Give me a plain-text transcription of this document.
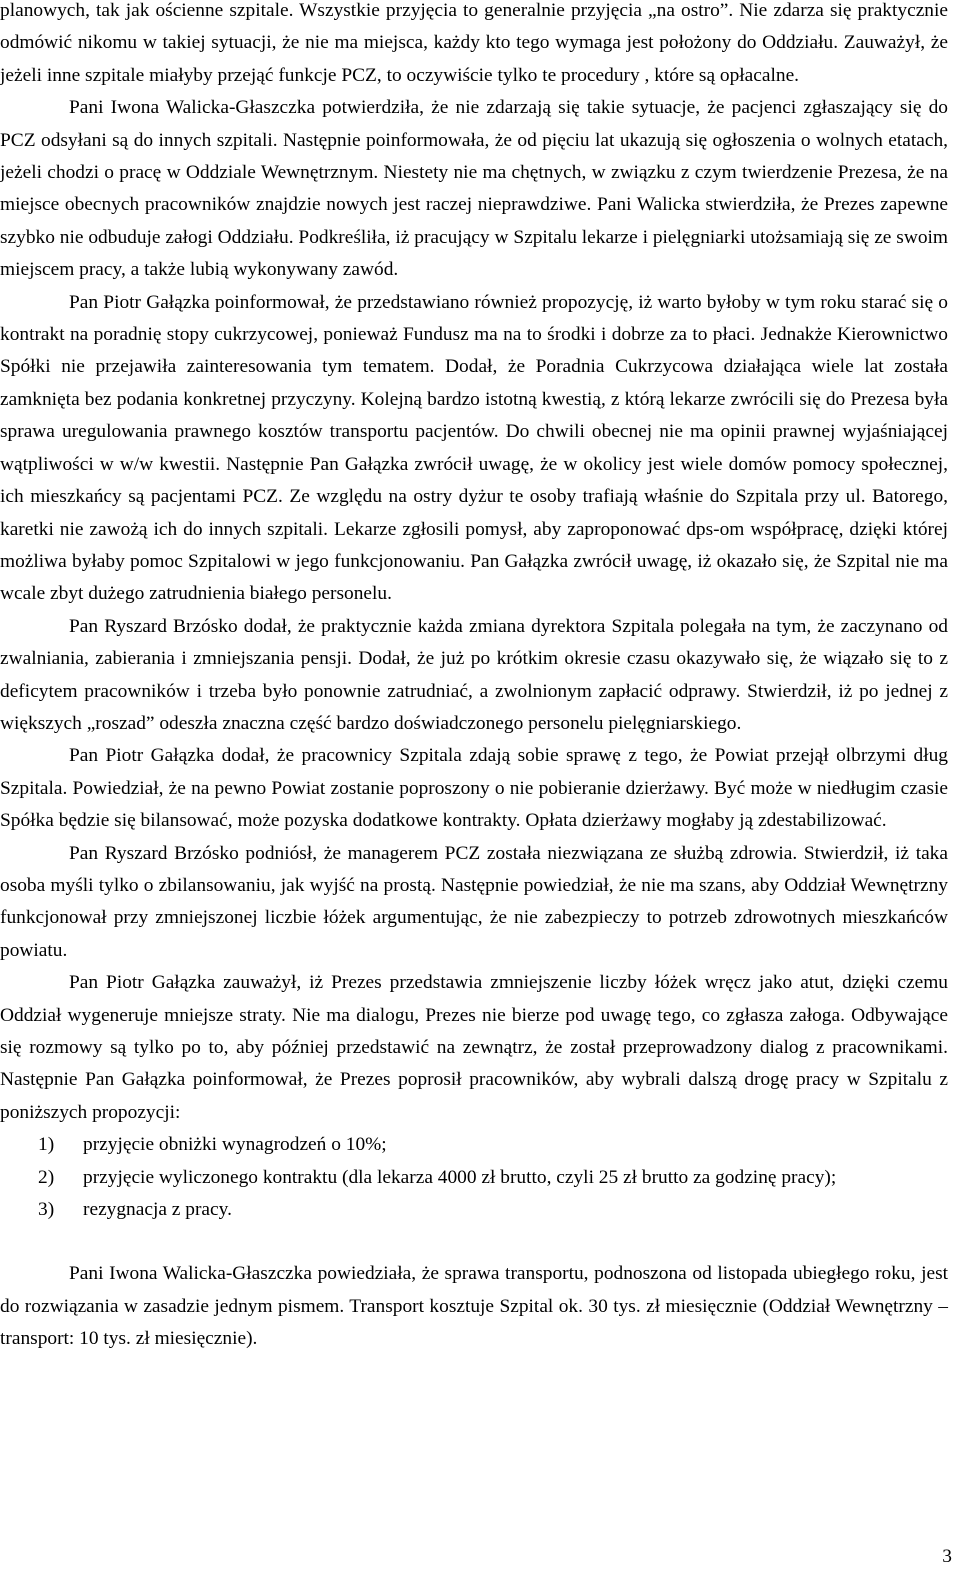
planowych, tak jak ościenne szpitale. Wszystkie przyjęcia to generalnie przyjęcia „na ostro”. Nie zdarza się praktycznie odmówić nikomu w takiej sytuacji, że nie ma miejsca, każdy kto tego wymaga jest położony do Oddziału. Zauważył, że jeżeli inne szpitale miałyby przejąć funkcje PCZ, to oczywiście tylko te procedury , które są opłacalne.

Pani Iwona Walicka-Głaszczka potwierdziła, że nie zdarzają się takie sytuacje, że pacjenci zgłaszający się do PCZ odsyłani są do innych szpitali. Następnie poinformowała, że od pięciu lat ukazują się ogłoszenia o wolnych etatach, jeżeli chodzi o pracę w Oddziale Wewnętrznym. Niestety nie ma chętnych, w związku z czym twierdzenie Prezesa, że na miejsce obecnych pracowników znajdzie nowych jest raczej nieprawdziwe. Pani Walicka stwierdziła, że Prezes zapewne szybko nie odbuduje załogi Oddziału. Podkreśliła, iż pracujący w Szpitalu lekarze i pielęgniarki utożsamiają się ze swoim miejscem pracy, a także lubią wykonywany zawód.

Pan Piotr Gałązka poinformował, że przedstawiano również propozycję, iż warto byłoby w tym roku starać się o kontrakt na poradnię stopy cukrzycowej, ponieważ Fundusz ma na to środki i dobrze za to płaci. Jednakże Kierownictwo Spółki nie przejawiła zainteresowania tym tematem. Dodał, że Poradnia Cukrzycowa działająca wiele lat została zamknięta bez podania konkretnej przyczyny. Kolejną bardzo istotną kwestią, z którą lekarze zwrócili się do Prezesa była sprawa uregulowania prawnego kosztów transportu pacjentów. Do chwili obecnej nie ma opinii prawnej wyjaśniającej wątpliwości w w/w kwestii. Następnie Pan Gałązka zwrócił uwagę, że w okolicy jest wiele domów pomocy społecznej, ich mieszkańcy są pacjentami PCZ. Ze względu na ostry dyżur te osoby trafiają właśnie do Szpitala przy ul. Batorego, karetki nie zawożą ich do innych szpitali. Lekarze zgłosili pomysł, aby zaproponować dps-om współpracę, dzięki której możliwa byłaby pomoc Szpitalowi w jego funkcjonowaniu. Pan Gałązka zwrócił uwagę, iż okazało się, że Szpital nie ma wcale zbyt dużego zatrudnienia białego personelu.

Pan Ryszard Brzósko dodał, że praktycznie każda zmiana dyrektora Szpitala polegała na tym, że zaczynano od zwalniania, zabierania i zmniejszania pensji. Dodał, że już po krótkim okresie czasu okazywało się, że wiązało się to z deficytem pracowników i trzeba było ponownie zatrudniać, a zwolnionym zapłacić odprawy. Stwierdził, iż po jednej z większych „roszad” odeszła znaczna część bardzo doświadczonego personelu pielęgniarskiego.

Pan Piotr Gałązka dodał, że pracownicy Szpitala zdają sobie sprawę z tego, że Powiat przejął olbrzymi dług Szpitala. Powiedział, że na pewno Powiat zostanie poproszony o nie pobieranie dzierżawy. Być może w niedługim czasie Spółka będzie się bilansować, może pozyska dodatkowe kontrakty. Opłata dzierżawy mogłaby ją zdestabilizować.

Pan Ryszard Brzósko podniósł, że managerem PCZ została niezwiązana ze służbą zdrowia. Stwierdził, iż taka osoba myśli tylko o zbilansowaniu, jak wyjść na prostą. Następnie powiedział, że nie ma szans, aby Oddział Wewnętrzny funkcjonował przy zmniejszonej liczbie łóżek argumentując, że nie zabezpieczy to potrzeb zdrowotnych mieszkańców powiatu.

Pan Piotr Gałązka zauważył, iż Prezes przedstawia zmniejszenie liczby łóżek wręcz jako atut, dzięki czemu Oddział wygeneruje mniejsze straty. Nie ma dialogu, Prezes nie bierze pod uwagę tego, co zgłasza załoga. Odbywające się rozmowy są tylko po to, aby później przedstawić na zewnątrz, że został przeprowadzony dialog z pracownikami. Następnie Pan Gałązka poinformował, że Prezes poprosił pracowników, aby wybrali dalszą drogę pracy w Szpitalu z poniższych propozycji:

1) przyjęcie obniżki wynagrodzeń o 10%;
2) przyjęcie wyliczonego kontraktu (dla lekarza 4000 zł brutto, czyli 25 zł brutto za godzinę pracy);
3) rezygnacja z pracy.

Pani Iwona Walicka-Głaszczka powiedziała, że sprawa transportu, podnoszona od listopada ubiegłego roku, jest do rozwiązania w zasadzie jednym pismem. Transport kosztuje Szpital ok. 30 tys. zł miesięcznie (Oddział Wewnętrzny – transport: 10 tys. zł miesięcznie).

3
